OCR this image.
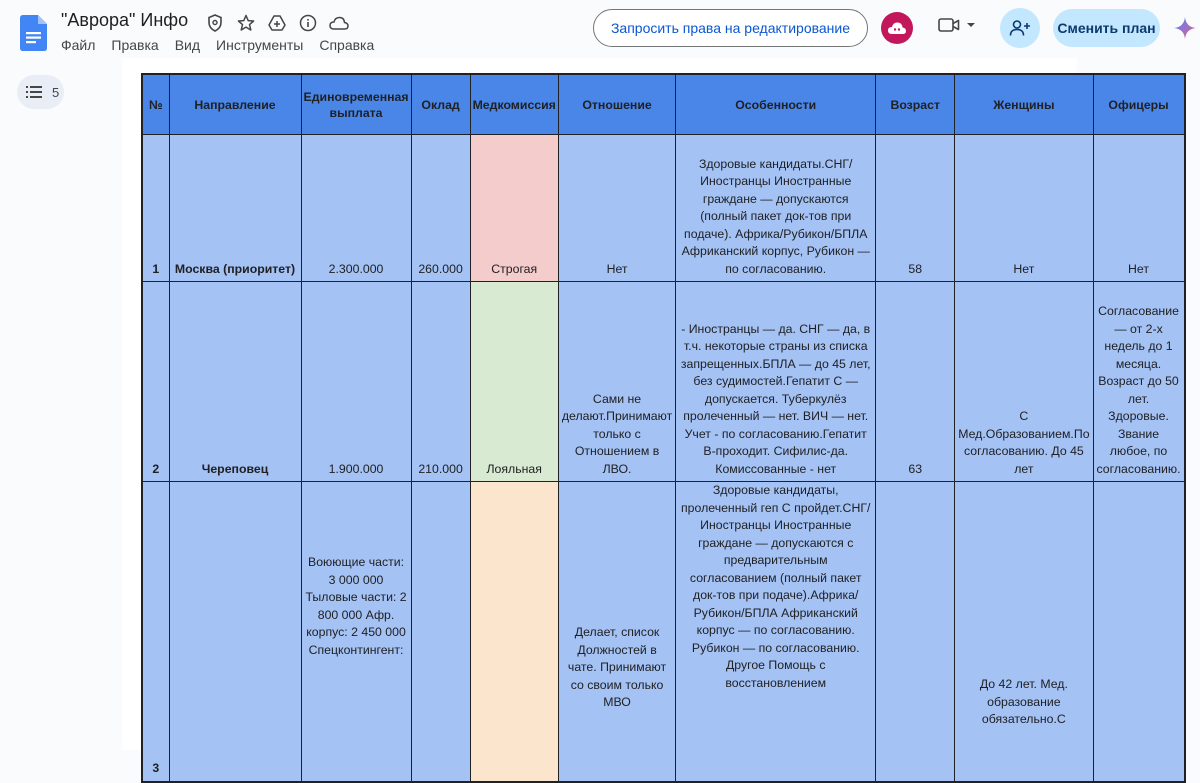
"Аврора" Инфо
Файл Правка Вид Инструменты Справка
Запросить права на редактирование	Сменить план
5
№	Направление	Единовременная выплата	Оклад	Медкомиссия	Отношение	Особенности	Возраст	Женщины	Офицеры
1	Москва (приоритет)	2.300.000	260.000	Строгая	Нет	Здоровые кандидаты.СНГ/Иностранцы Иностранные граждане — допускаются (полный пакет док-тов при подаче). Африка/Рубикон/БПЛА Африканский корпус, Рубикон — по согласованию.	58	Нет	Нет
2	Череповец	1.900.000	210.000	Лояльная	Сами не делают.Принимают только с Отношением в ЛВО.	- Иностранцы — да. СНГ — да, в т.ч. некоторые страны из списка запрещенных.БПЛА — до 45 лет, без судимостей.Гепатит С — допускается. Туберкулёз пролеченный — нет. ВИЧ — нет. Учет - по согласованию.Гепатит В-проходит. Сифилис-да. Комиссованные - нет	63	С Мед.Образованием.По согласованию. До 45 лет	Согласование — от 2-х недель до 1 месяца. Возраст до 50 лет. Здоровые. Звание любое, по согласованию.
3		Воюющие части: 3 000 000 Тыловые части: 2 800 000 Афр. корпус: 2 450 000 Спецконтингент:			Делает, список Должностей в чате. Принимают со своим только МВО	Здоровые кандидаты, пролеченный геп С пройдет.СНГ/Иностранцы Иностранные граждане — допускаются с предварительным согласованием (полный пакет док-тов при подаче).Африка/Рубикон/БПЛА Африканский корпус — по согласованию. Рубикон — по согласованию. Другое Помощь с восстановлением		До 42 лет. Мед. образование обязательно.С	
